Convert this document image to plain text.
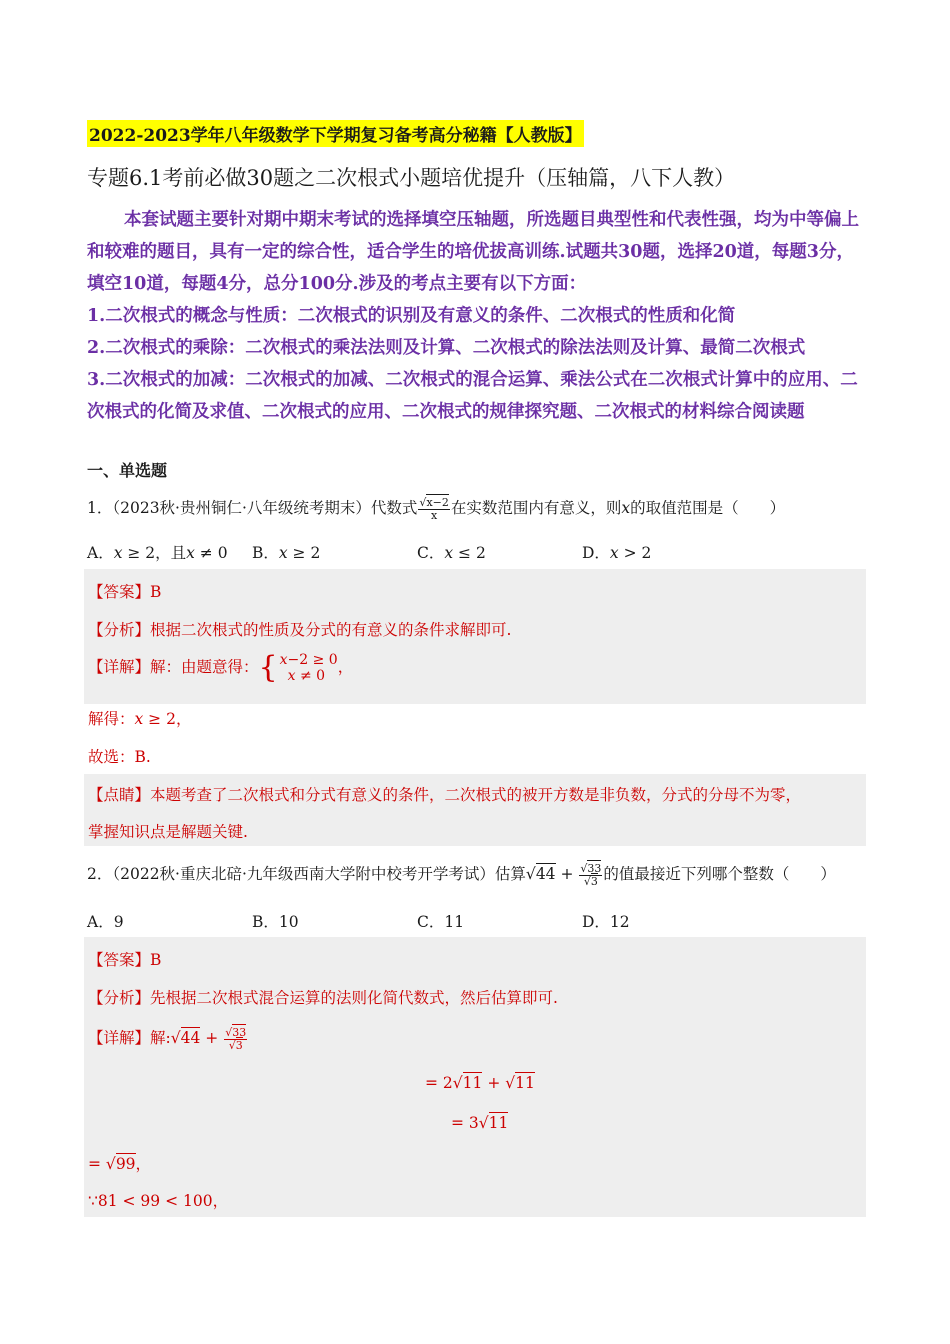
2022-2023学年八年级数学下学期复习备考高分秘籍【人教版】
专题6.1考前必做30题之二次根式小题培优提升（压轴篇，八下人教）

本套试题主要针对期中期末考试的选择填空压轴题，所选题目典型性和代表性强，均为中等偏上和较难的题目，具有一定的综合性，适合学生的培优拔高训练.试题共30题，选择20道，每题3分，填空10道，每题4分，总分100分.涉及的考点主要有以下方面：

1.二次根式的概念与性质：二次根式的识别及有意义的条件、二次根式的性质和化简

2.二次根式的乘除：二次根式的乘法法则及计算、二次根式的除法法则及计算、最简二次根式

3.二次根式的加减：二次根式的加减、二次根式的混合运算、乘法公式在二次根式计算中的应用、二次根式的化简及求值、二次根式的应用、二次根式的规律探究题、二次根式的材料综合阅读题

一、单选题
1．（2023秋·贵州铜仁·八年级统考期末）代数式 $\frac{√x-2}{x}$ 在实数范围内有意义，则x的取值范围是（　　）
A．𝑥 ≥ 2，且𝑥 ≠ 0 B．𝑥 ≥ 2	C．𝑥 ≤ 2	D．𝑥 > 2
【答案】B
【分析】根据二次根式的性质及分式的有意义的条件求解即可.
【详解】解：由题意得：{ 𝑥−2 ≥ 0
𝑥 ≠ 0 ，
解得：𝑥 ≥ 2，
故选：B.
【点睛】本题考查了二次根式和分式有意义的条件，二次根式的被开方数是非负数，分式的分母不为零，
掌握知识点是解题关键.
2．（2022秋·重庆北碚·九年级西南大学附中校考开学考试）估算$√44 + \frac{√33}{√3}$ 的值最接近下列哪个整数（　　）
A．9	B．10	C．11	D．12
【答案】B
【分析】先根据二次根式混合运算的法则化简代数式，然后估算即可.
【详解】解:√44 + $\frac{√33}{√3}$
= 2√11 + √11
= 3√11
= √99，
∵81 < 99 < 100，
